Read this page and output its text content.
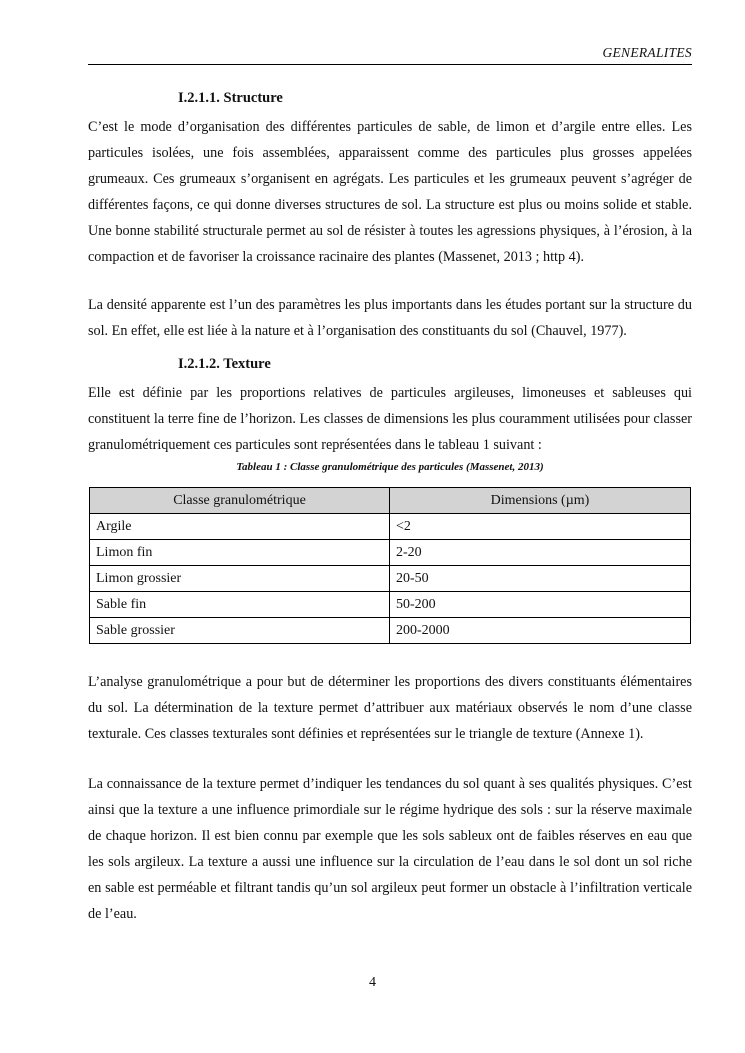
GENERALITES
I.2.1.1. Structure

C’est le mode d’organisation des différentes particules de sable, de limon et d’argile entre elles. Les particules isolées, une fois assemblées, apparaissent comme des particules plus grosses appelées grumeaux. Ces grumeaux s’organisent en agrégats. Les particules et les grumeaux peuvent s’agréger de différentes façons, ce qui donne diverses structures de sol. La structure est plus ou moins solide et stable. Une bonne stabilité structurale permet au sol de résister à toutes les agressions physiques, à l’érosion, à la compaction et de favoriser la croissance racinaire des plantes (Massenet, 2013 ; http 4).

La densité apparente est l’un des paramètres les plus importants dans les études portant sur la structure du sol. En effet, elle est liée à la nature et à l’organisation des constituants du sol (Chauvel, 1977).

I.2.1.2. Texture

Elle est définie par les proportions relatives de particules argileuses, limoneuses et sableuses qui constituent la terre fine de l’horizon. Les classes de dimensions les plus couramment utilisées pour classer granulométriquement ces particules sont représentées dans le tableau 1 suivant :

Tableau 1 : Classe granulométrique des particules (Massenet, 2013)
Classe granulométrique	Dimensions (µm)
Argile	<2
Limon fin	2-20
Limon grossier	20-50
Sable fin	50-200
Sable grossier	200-2000

L’analyse granulométrique a pour but de déterminer les proportions des divers constituants élémentaires du sol. La détermination de la texture permet d’attribuer aux matériaux observés le nom d’une classe texturale. Ces classes texturales sont définies et représentées sur le triangle de texture (Annexe 1).

La connaissance de la texture permet d’indiquer les tendances du sol quant à ses qualités physiques. C’est ainsi que la texture a une influence primordiale sur le régime hydrique des sols : sur la réserve maximale de chaque horizon. Il est bien connu par exemple que les sols sableux ont de faibles réserves en eau que les sols argileux. La texture a aussi une influence sur la circulation de l’eau dans le sol dont un sol riche en sable est perméable et filtrant tandis qu’un sol argileux peut former un obstacle à l’infiltration verticale de l’eau.

4
